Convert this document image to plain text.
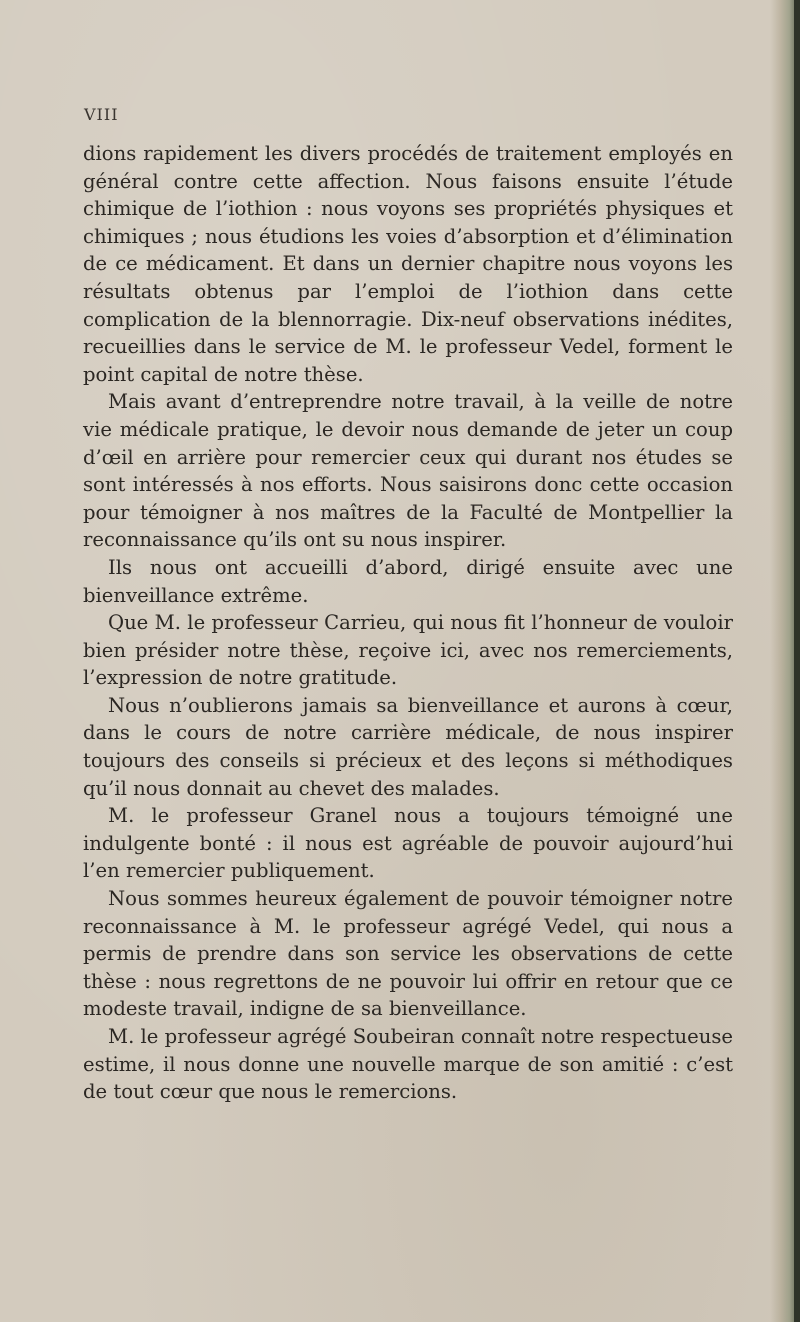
VIII

dions rapidement les divers procédés de traitement employés en général contre cette affection. Nous faisons ensuite l’étude chimique de l’iothion : nous voyons ses propriétés physiques et chimiques ; nous étudions les voies d’absorption et d’élimination de ce médicament. Et dans un dernier chapitre nous voyons les résultats obtenus par l’emploi de l’iothion dans cette complication de la blennorragie. Dix-neuf observations inédites, recueillies dans le service de M. le professeur Vedel, forment le point capital de notre thèse.

Mais avant d’entreprendre notre travail, à la veille de notre vie médicale pratique, le devoir nous demande de jeter un coup d’œil en arrière pour remercier ceux qui durant nos études se sont intéressés à nos efforts. Nous saisirons donc cette occasion pour témoigner à nos maîtres de la Faculté de Montpellier la reconnaissance qu’ils ont su nous inspirer.

Ils nous ont accueilli d’abord, dirigé ensuite avec une bienveillance extrême.

Que M. le professeur Carrieu, qui nous fit l’honneur de vouloir bien présider notre thèse, reçoive ici, avec nos remerciements, l’expression de notre gratitude.

Nous n’oublierons jamais sa bienveillance et aurons à cœur, dans le cours de notre carrière médicale, de nous inspirer toujours des conseils si précieux et des leçons si méthodiques qu’il nous donnait au chevet des malades.

M. le professeur Granel nous a toujours témoigné une indulgente bonté : il nous est agréable de pouvoir aujourd’hui l’en remercier publiquement.

Nous sommes heureux également de pouvoir témoigner notre reconnaissance à M. le professeur agrégé Vedel, qui nous a permis de prendre dans son service les observations de cette thèse : nous regrettons de ne pouvoir lui offrir en retour que ce modeste travail, indigne de sa bienveillance.

M. le professeur agrégé Soubeiran connaît notre respectueuse estime, il nous donne une nouvelle marque de son amitié : c’est de tout cœur que nous le remercions.
